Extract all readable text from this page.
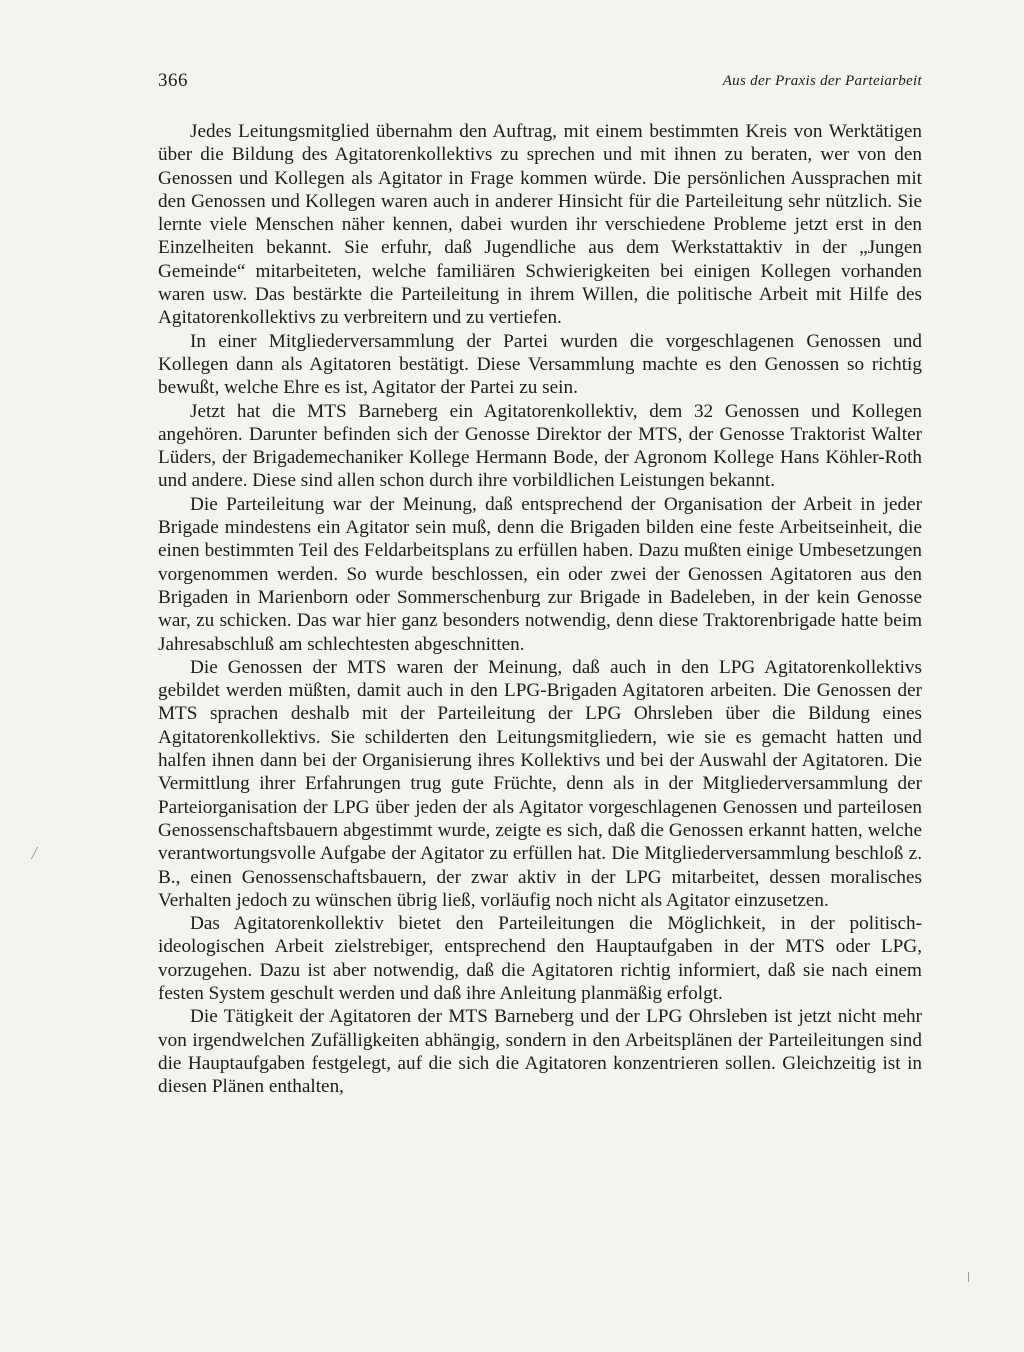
366	Aus der Praxis der Parteiarbeit

Jedes Leitungsmitglied übernahm den Auftrag, mit einem bestimmten Kreis von Werktätigen über die Bildung des Agitatorenkollektivs zu sprechen und mit ihnen zu beraten, wer von den Genossen und Kollegen als Agitator in Frage kommen würde. Die persönlichen Aussprachen mit den Genossen und Kollegen waren auch in anderer Hinsicht für die Parteileitung sehr nützlich. Sie lernte viele Menschen näher kennen, dabei wurden ihr verschiedene Probleme jetzt erst in den Einzelheiten bekannt. Sie erfuhr, daß Jugendliche aus dem Werkstattaktiv in der „Jungen Gemeinde“ mitarbeiteten, welche familiären Schwierigkeiten bei einigen Kollegen vorhanden waren usw. Das bestärkte die Parteileitung in ihrem Willen, die politische Arbeit mit Hilfe des Agitatorenkollektivs zu verbreitern und zu vertiefen.

In einer Mitgliederversammlung der Partei wurden die vorgeschlagenen Genossen und Kollegen dann als Agitatoren bestätigt. Diese Versammlung machte es den Genossen so richtig bewußt, welche Ehre es ist, Agitator der Partei zu sein.

Jetzt hat die MTS Barneberg ein Agitatorenkollektiv, dem 32 Genossen und Kollegen angehören. Darunter befinden sich der Genosse Direktor der MTS, der Genosse Traktorist Walter Lüders, der Brigademechaniker Kollege Hermann Bode, der Agronom Kollege Hans Köhler-Roth und andere. Diese sind allen schon durch ihre vorbildlichen Leistungen bekannt.

Die Parteileitung war der Meinung, daß entsprechend der Organisation der Arbeit in jeder Brigade mindestens ein Agitator sein muß, denn die Brigaden bilden eine feste Arbeitseinheit, die einen bestimmten Teil des Feldarbeitsplans zu erfüllen haben. Dazu mußten einige Umbesetzungen vorgenommen werden. So wurde beschlossen, ein oder zwei der Genossen Agitatoren aus den Brigaden in Marienborn oder Sommerschenburg zur Brigade in Badeleben, in der kein Genosse war, zu schicken. Das war hier ganz besonders notwendig, denn diese Traktorenbrigade hatte beim Jahresabschluß am schlechtesten abgeschnitten.

Die Genossen der MTS waren der Meinung, daß auch in den LPG Agitatorenkollektivs gebildet werden müßten, damit auch in den LPG-Brigaden Agitatoren arbeiten. Die Genossen der MTS sprachen deshalb mit der Parteileitung der LPG Ohrsleben über die Bildung eines Agitatorenkollektivs. Sie schilderten den Leitungsmitgliedern, wie sie es gemacht hatten und halfen ihnen dann bei der Organisierung ihres Kollektivs und bei der Auswahl der Agitatoren. Die Vermittlung ihrer Erfahrungen trug gute Früchte, denn als in der Mitgliederversammlung der Parteiorganisation der LPG über jeden der als Agitator vorgeschlagenen Genossen und parteilosen Genossenschaftsbauern abgestimmt wurde, zeigte es sich, daß die Genossen erkannt hatten, welche verantwortungsvolle Aufgabe der Agitator zu erfüllen hat. Die Mitgliederversammlung beschloß z. B., einen Genossenschaftsbauern, der zwar aktiv in der LPG mitarbeitet, dessen moralisches Verhalten jedoch zu wünschen übrig ließ, vorläufig noch nicht als Agitator einzusetzen.

Das Agitatorenkollektiv bietet den Parteileitungen die Möglichkeit, in der politisch-ideologischen Arbeit zielstrebiger, entsprechend den Hauptaufgaben in der MTS oder LPG, vorzugehen. Dazu ist aber notwendig, daß die Agitatoren richtig informiert, daß sie nach einem festen System geschult werden und daß ihre Anleitung planmäßig erfolgt.

Die Tätigkeit der Agitatoren der MTS Barneberg und der LPG Ohrsleben ist jetzt nicht mehr von irgendwelchen Zufälligkeiten abhängig, sondern in den Arbeitsplänen der Parteileitungen sind die Hauptaufgaben festgelegt, auf die sich die Agitatoren konzentrieren sollen. Gleichzeitig ist in diesen Plänen enthalten,
